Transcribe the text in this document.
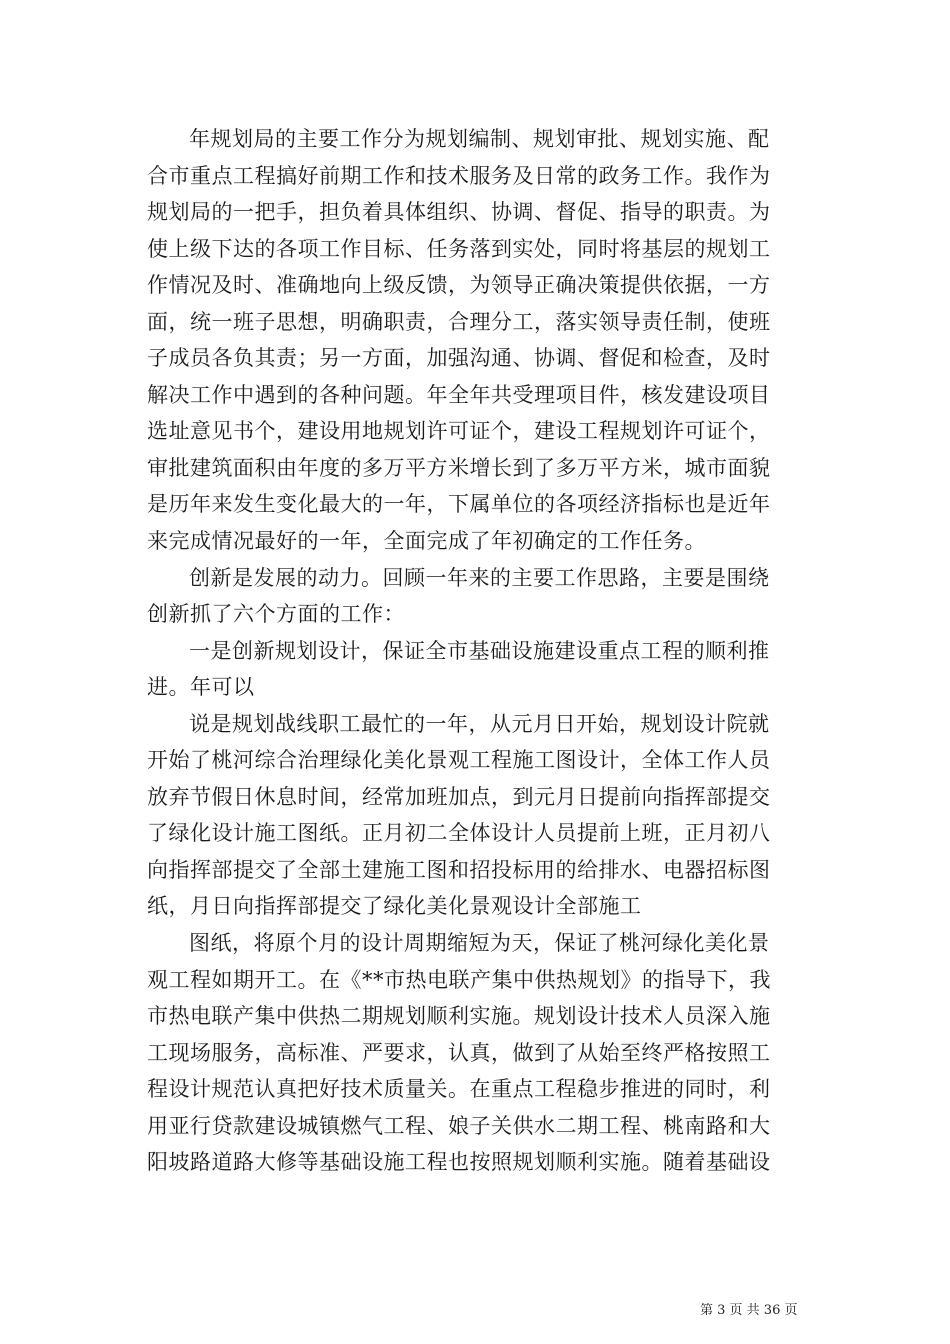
年规划局的主要工作分为规划编制、规划审批、规划实施、配
合市重点工程搞好前期工作和技术服务及日常的政务工作。我作为
规划局的一把手，担负着具体组织、协调、督促、指导的职责。为
使上级下达的各项工作目标、任务落到实处，同时将基层的规划工
作情况及时、准确地向上级反馈，为领导正确决策提供依据，一方
面，统一班子思想，明确职责，合理分工，落实领导责任制，使班
子成员各负其责；另一方面，加强沟通、协调、督促和检查，及时
解决工作中遇到的各种问题。年全年共受理项目件，核发建设项目
选址意见书个，建设用地规划许可证个，建设工程规划许可证个，
审批建筑面积由年度的多万平方米增长到了多万平方米，城市面貌
是历年来发生变化最大的一年，下属单位的各项经济指标也是近年
来完成情况最好的一年，全面完成了年初确定的工作任务。
创新是发展的动力。回顾一年来的主要工作思路，主要是围绕
创新抓了六个方面的工作：
一是创新规划设计，保证全市基础设施建设重点工程的顺利推
进。年可以
说是规划战线职工最忙的一年，从元月日开始，规划设计院就
开始了桃河综合治理绿化美化景观工程施工图设计，全体工作人员
放弃节假日休息时间，经常加班加点，到元月日提前向指挥部提交
了绿化设计施工图纸。正月初二全体设计人员提前上班，正月初八
向指挥部提交了全部土建施工图和招投标用的给排水、电器招标图
纸，月日向指挥部提交了绿化美化景观设计全部施工
图纸，将原个月的设计周期缩短为天，保证了桃河绿化美化景
观工程如期开工。在《**市热电联产集中供热规划》的指导下，我
市热电联产集中供热二期规划顺利实施。规划设计技术人员深入施
工现场服务，高标准、严要求，认真，做到了从始至终严格按照工
程设计规范认真把好技术质量关。在重点工程稳步推进的同时，利
用亚行贷款建设城镇燃气工程、娘子关供水二期工程、桃南路和大
阳坡路道路大修等基础设施工程也按照规划顺利实施。随着基础设
第 3 页 共 36 页
